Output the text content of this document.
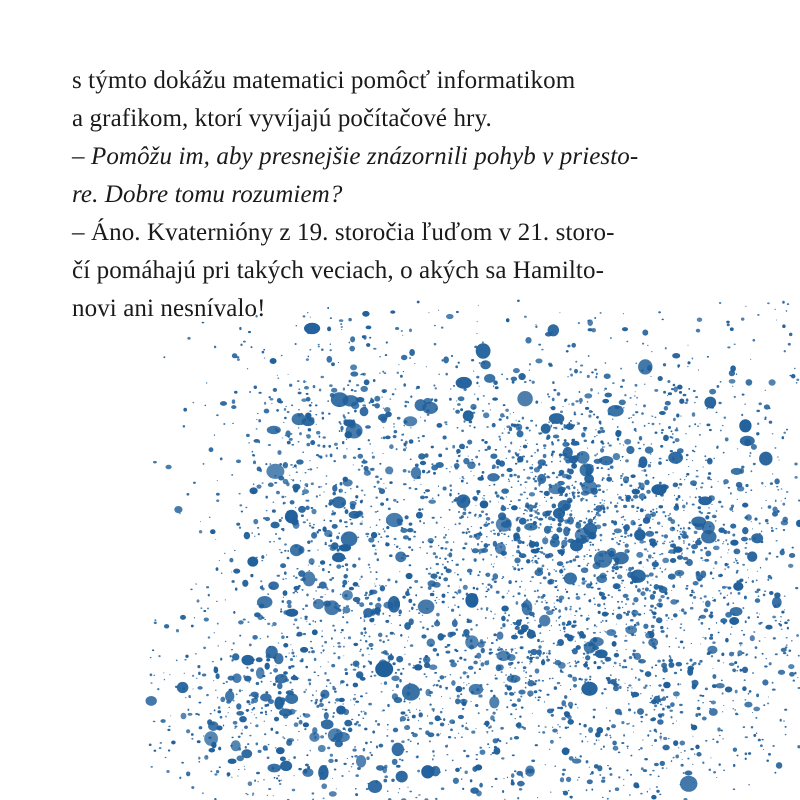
s týmto dokážu matematici pomôcť informatikom
a grafikom, ktorí vyvíjajú počítačové hry.
– Pomôžu im, aby presnejšie znázornili pohyb v priesto-
re. Dobre tomu rozumiem?
– Áno. Kvaternióny z 19. storočia ľuďom v 21. storo-
čí pomáhajú pri takých veciach, o akých sa Hamilto-
novi ani nesnívalo!
